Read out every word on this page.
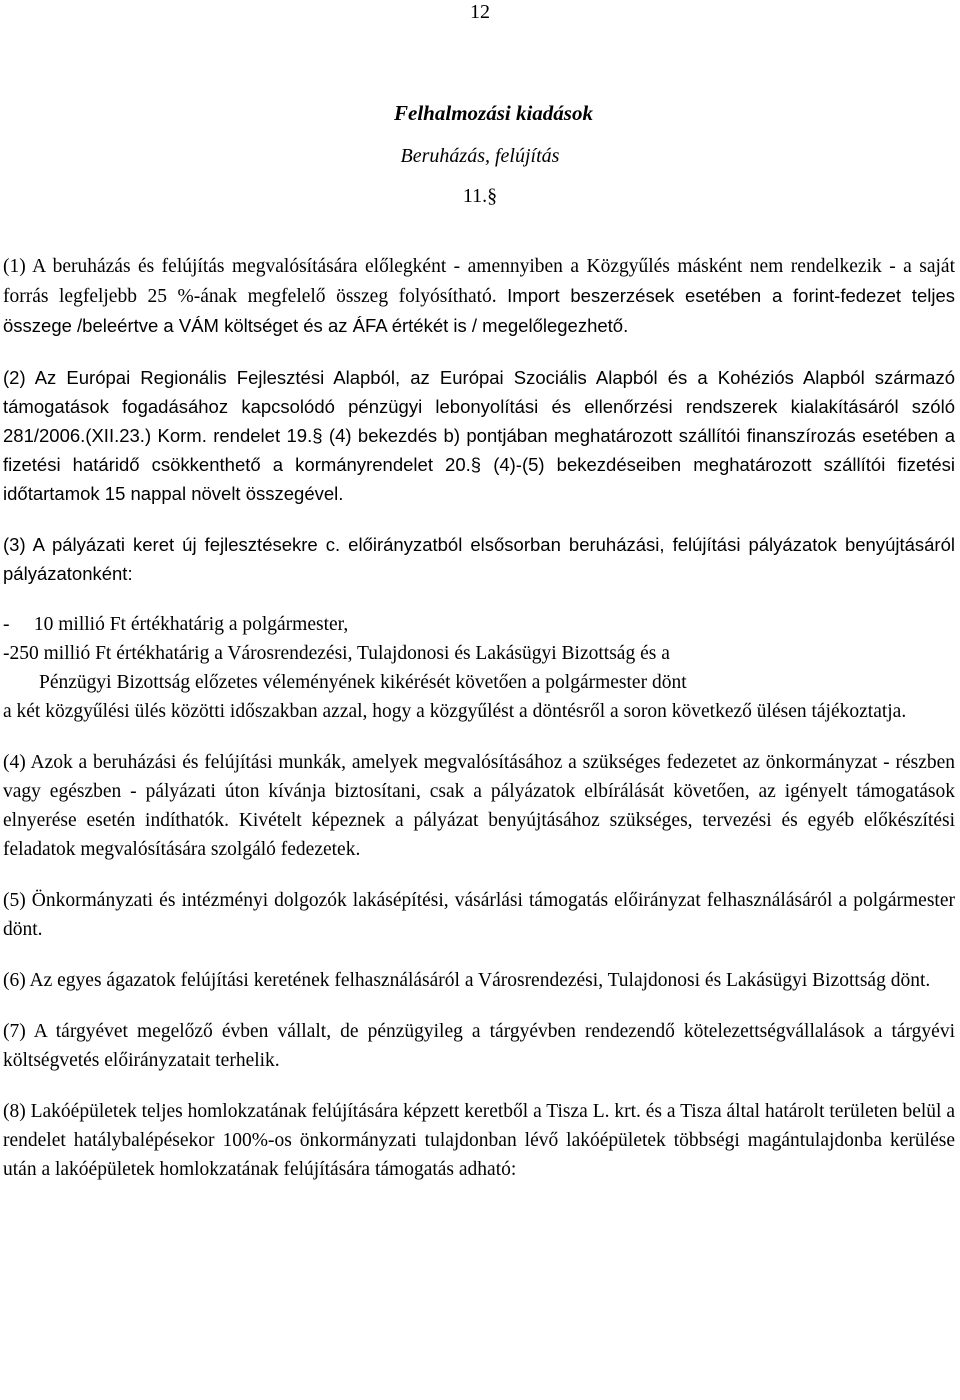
12
Felhalmozási kiadások
Beruházás, felújítás
11.§

(1) A beruházás és felújítás megvalósítására előlegként - amennyiben a Közgyűlés másként nem rendelkezik - a saját forrás legfeljebb 25 %-ának megfelelő összeg folyósítható. Import beszerzések esetében a forint-fedezet teljes összege /beleértve a VÁM költséget és az ÁFA értékét is / megelőlegezhető.

(2) Az Európai Regionális Fejlesztési Alapból, az Európai Szociális Alapból és a Kohéziós Alapból származó támogatások fogadásához kapcsolódó pénzügyi lebonyolítási és ellenőrzési rendszerek kialakításáról szóló 281/2006.(XII.23.) Korm. rendelet 19.§ (4) bekezdés b) pontjában meghatározott szállítói finanszírozás esetében a fizetési határidő csökkenthető a kormányrendelet 20.§ (4)-(5) bekezdéseiben meghatározott szállítói fizetési időtartamok 15 nappal növelt összegével.

(3) A pályázati keret új fejlesztésekre c. előirányzatból elsősorban beruházási, felújítási pályázatok benyújtásáról pályázatonként:

-     10 millió Ft értékhatárig a polgármester,

-250 millió Ft értékhatárig a Városrendezési, Tulajdonosi és Lakásügyi Bizottság és a

Pénzügyi Bizottság előzetes véleményének kikérését követően a polgármester dönt

a két közgyűlési ülés közötti időszakban azzal, hogy a közgyűlést a döntésről a soron következő ülésen tájékoztatja.

(4) Azok a beruházási és felújítási munkák, amelyek megvalósításához a szükséges fedezetet az önkormányzat - részben vagy egészben - pályázati úton kívánja biztosítani, csak a pályázatok elbírálását követően, az igényelt támogatások elnyerése esetén indíthatók. Kivételt képeznek a pályázat benyújtásához szükséges, tervezési és egyéb előkészítési feladatok megvalósítására szolgáló fedezetek.

(5) Önkormányzati és intézményi dolgozók lakásépítési, vásárlási támogatás előirányzat felhasználásáról a polgármester dönt.

(6) Az egyes ágazatok felújítási keretének felhasználásáról a Városrendezési, Tulajdonosi és Lakásügyi Bizottság dönt.

(7) A tárgyévet megelőző évben vállalt, de pénzügyileg a tárgyévben rendezendő kötelezettségvállalások a tárgyévi költségvetés előirányzatait terhelik.

(8) Lakóépületek teljes homlokzatának felújítására képzett keretből a Tisza L. krt. és a Tisza által határolt területen belül a rendelet hatálybalépésekor 100%-os önkormányzati tulajdonban lévő lakóépületek többségi magántulajdonba kerülése után a lakóépületek homlokzatának felújítására támogatás adható:
